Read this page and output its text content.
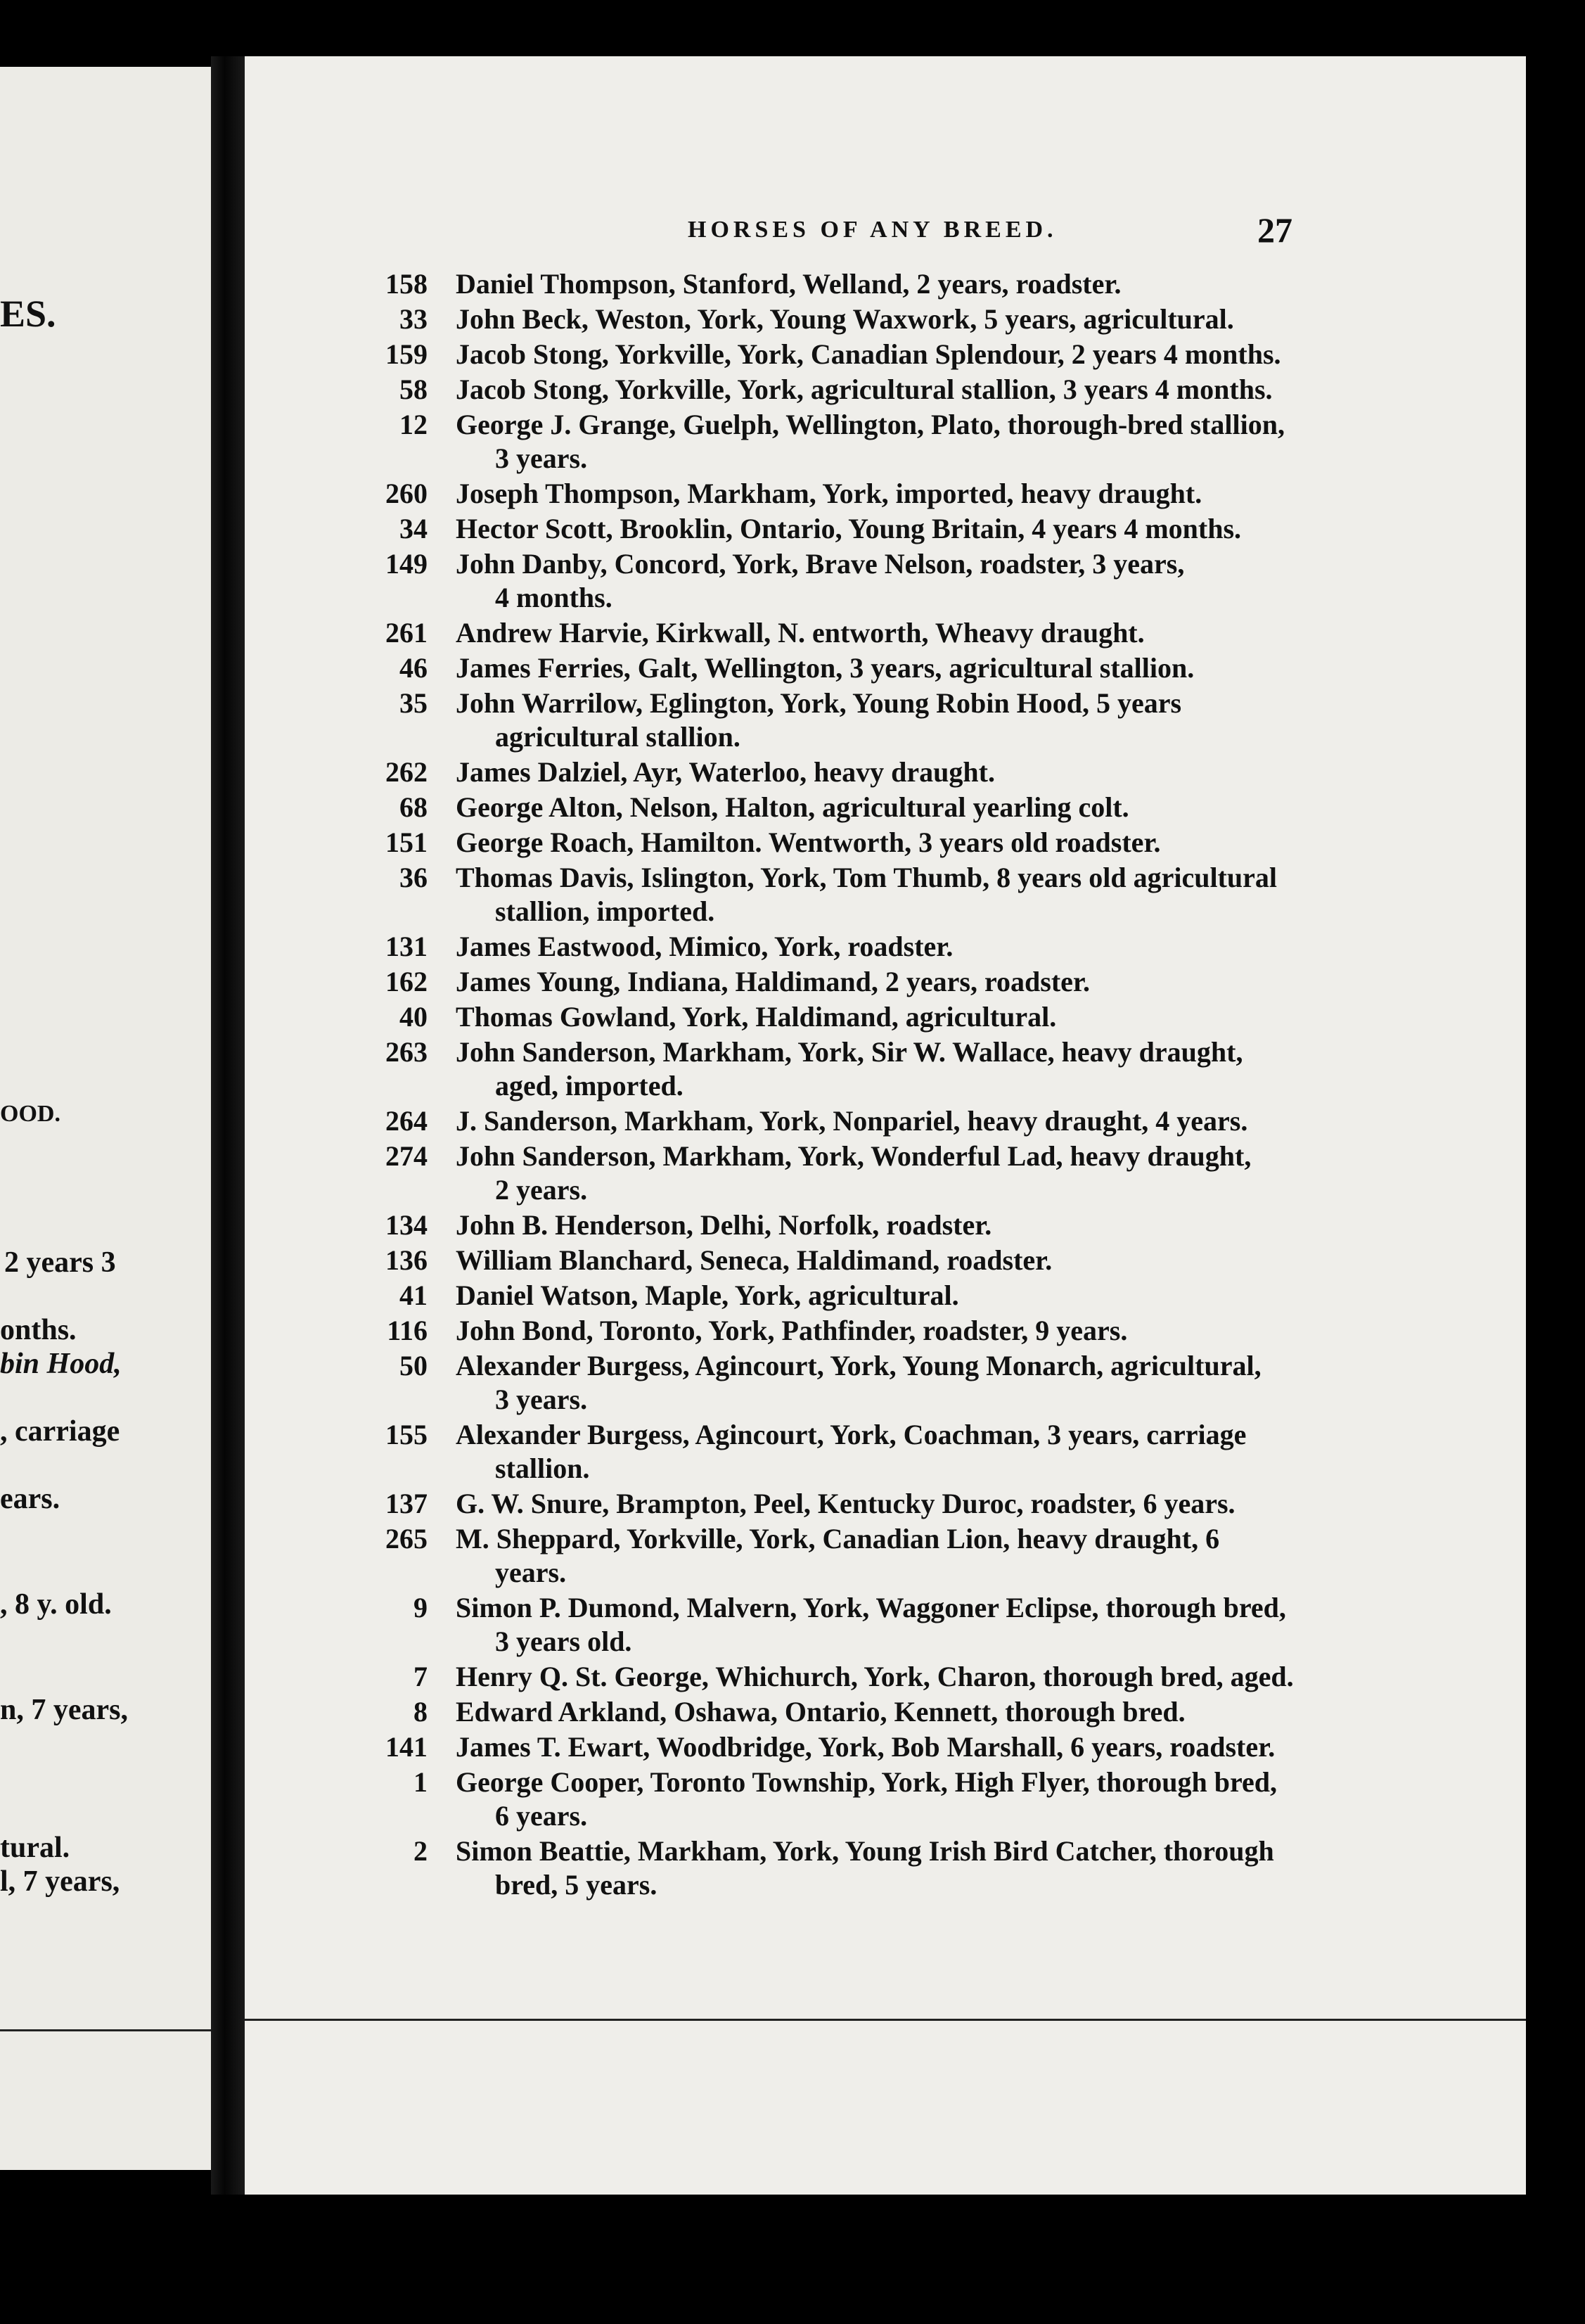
ES.
OOD.
2 years 3
onths.
bin Hood,
, carriage
ears.
, 8 y. old.
n, 7 years,
tural.
l, 7 years,
HORSES OF ANY BREED.	27
158 Daniel Thompson, Stanford, Welland, 2 years, roadster.
33 John Beck, Weston, York, Young Waxwork, 5 years, agricultural.
159 Jacob Stong, Yorkville, York, Canadian Splendour, 2 years 4 months.
58 Jacob Stong, Yorkville, York, agricultural stallion, 3 years 4 months.
12 George J. Grange, Guelph, Wellington, Plato, thorough-bred stallion,
3 years.
260 Joseph Thompson, Markham, York, imported, heavy draught.
34 Hector Scott, Brooklin, Ontario, Young Britain, 4 years 4 months.
149 John Danby, Concord, York, Brave Nelson, roadster, 3 years,
4 months.
261 Andrew Harvie, Kirkwall, N. entworth, Wheavy draught.
46 James Ferries, Galt, Wellington, 3 years, agricultural stallion.
35 John Warrilow, Eglington, York, Young Robin Hood, 5 years
agricultural stallion.
262 James Dalziel, Ayr, Waterloo, heavy draught.
68 George Alton, Nelson, Halton, agricultural yearling colt.
151 George Roach, Hamilton. Wentworth, 3 years old roadster.
36 Thomas Davis, Islington, York, Tom Thumb, 8 years old agricultural
stallion, imported.
131 James Eastwood, Mimico, York, roadster.
162 James Young, Indiana, Haldimand, 2 years, roadster.
40 Thomas Gowland, York, Haldimand, agricultural.
263 John Sanderson, Markham, York, Sir W. Wallace, heavy draught,
aged, imported.
264 J. Sanderson, Markham, York, Nonpariel, heavy draught, 4 years.
274 John Sanderson, Markham, York, Wonderful Lad, heavy draught,
2 years.
134 John B. Henderson, Delhi, Norfolk, roadster.
136 William Blanchard, Seneca, Haldimand, roadster.
41 Daniel Watson, Maple, York, agricultural.
116 John Bond, Toronto, York, Pathfinder, roadster, 9 years.
50 Alexander Burgess, Agincourt, York, Young Monarch, agricultural,
3 years.
155 Alexander Burgess, Agincourt, York, Coachman, 3 years, carriage
stallion.
137 G. W. Snure, Brampton, Peel, Kentucky Duroc, roadster, 6 years.
265 M. Sheppard, Yorkville, York, Canadian Lion, heavy draught, 6
years.
9 Simon P. Dumond, Malvern, York, Waggoner Eclipse, thorough bred,
3 years old.
7 Henry Q. St. George, Whichurch, York, Charon, thorough bred, aged.
8 Edward Arkland, Oshawa, Ontario, Kennett, thorough bred.
141 James T. Ewart, Woodbridge, York, Bob Marshall, 6 years, roadster.
1 George Cooper, Toronto Township, York, High Flyer, thorough bred,
6 years.
2 Simon Beattie, Markham, York, Young Irish Bird Catcher, thorough
bred, 5 years.
